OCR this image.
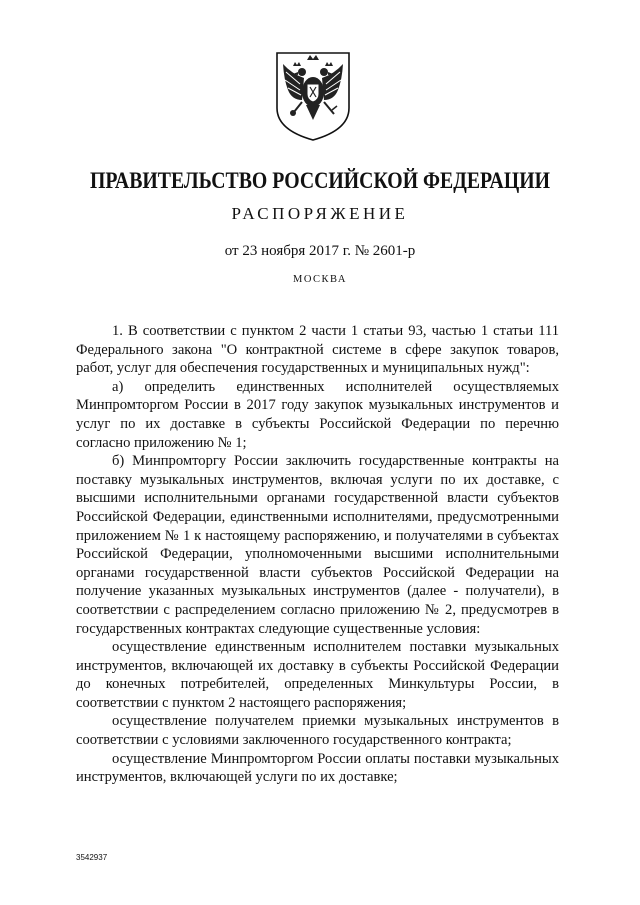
ПРАВИТЕЛЬСТВО РОССИЙСКОЙ ФЕДЕРАЦИИ
РАСПОРЯЖЕНИЕ
от 23 ноября 2017 г. № 2601-р
МОСКВА

1. В соответствии с пунктом 2 части 1 статьи 93, частью 1 статьи 111 Федерального закона "О контрактной системе в сфере закупок товаров, работ, услуг для обеспечения государственных и муниципальных нужд":

а) определить единственных исполнителей осуществляемых Минпромторгом России в 2017 году закупок музыкальных инструментов и услуг по их доставке в субъекты Российской Федерации по перечню согласно приложению № 1;

б) Минпромторгу России заключить государственные контракты на поставку музыкальных инструментов, включая услуги по их доставке, с высшими исполнительными органами государственной власти субъектов Российской Федерации, единственными исполнителями, предусмотренными приложением № 1 к настоящему распоряжению, и получателями в субъектах Российской Федерации, уполномоченными высшими исполнительными органами государственной власти субъектов Российской Федерации на получение указанных музыкальных инструментов (далее - получатели), в соответствии с распределением согласно приложению № 2, предусмотрев в государственных контрактах следующие существенные условия:

осуществление единственным исполнителем поставки музыкальных инструментов, включающей их доставку в субъекты Российской Федерации до конечных потребителей, определенных Минкультуры России, в соответствии с пунктом 2 настоящего распоряжения;

осуществление получателем приемки музыкальных инструментов в соответствии с условиями заключенного государственного контракта;

осуществление Минпромторгом России оплаты поставки музыкальных инструментов, включающей услуги по их доставке;

3542937
